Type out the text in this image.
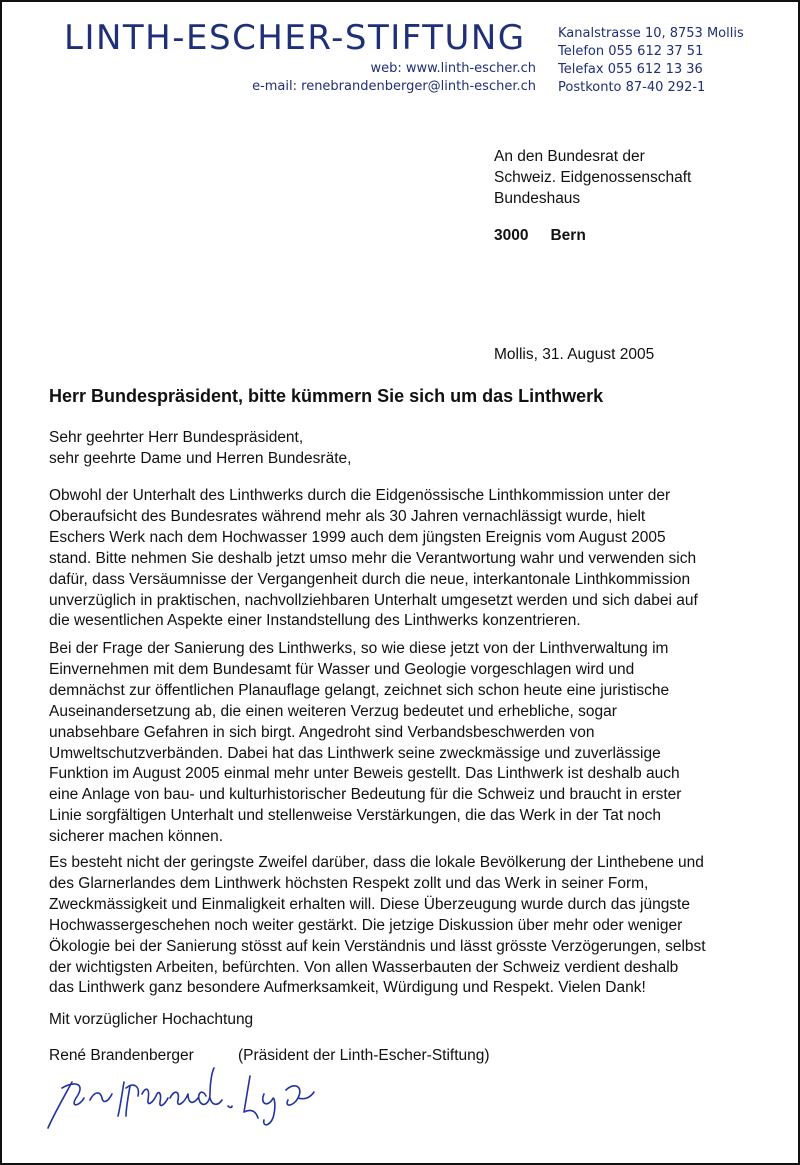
LINTH-ESCHER-STIFTUNG
web: www.linth-escher.ch
e-mail: renebrandenberger@linth-escher.ch
Kanalstrasse 10, 8753 Mollis
Telefon 055 612 37 51
Telefax 055 612 13 36
Postkonto 87-40 292-1
An den Bundesrat der
Schweiz. Eidgenossenschaft
Bundeshaus
3000 Bern
Mollis, 31. August 2005
Herr Bundespräsident, bitte kümmern Sie sich um das Linthwerk
Sehr geehrter Herr Bundespräsident,
sehr geehrte Dame und Herren Bundesräte,
Obwohl der Unterhalt des Linthwerks durch die Eidgenössische Linthkommission unter der
Oberaufsicht des Bundesrates während mehr als 30 Jahren vernachlässigt wurde, hielt
Eschers Werk nach dem Hochwasser 1999 auch dem jüngsten Ereignis vom August 2005
stand. Bitte nehmen Sie deshalb jetzt umso mehr die Verantwortung wahr und verwenden sich
dafür, dass Versäumnisse der Vergangenheit durch die neue, interkantonale Linthkommission
unverzüglich in praktischen, nachvollziehbaren Unterhalt umgesetzt werden und sich dabei auf
die wesentlichen Aspekte einer Instandstellung des Linthwerks konzentrieren.
Bei der Frage der Sanierung des Linthwerks, so wie diese jetzt von der Linthverwaltung im
Einvernehmen mit dem Bundesamt für Wasser und Geologie vorgeschlagen wird und
demnächst zur öffentlichen Planauflage gelangt, zeichnet sich schon heute eine juristische
Auseinandersetzung ab, die einen weiteren Verzug bedeutet und erhebliche, sogar
unabsehbare Gefahren in sich birgt. Angedroht sind Verbandsbeschwerden von
Umweltschutzverbänden. Dabei hat das Linthwerk seine zweckmässige und zuverlässige
Funktion im August 2005 einmal mehr unter Beweis gestellt. Das Linthwerk ist deshalb auch
eine Anlage von bau- und kulturhistorischer Bedeutung für die Schweiz und braucht in erster
Linie sorgfältigen Unterhalt und stellenweise Verstärkungen, die das Werk in der Tat noch
sicherer machen können.
Es besteht nicht der geringste Zweifel darüber, dass die lokale Bevölkerung der Linthebene und
des Glarnerlandes dem Linthwerk höchsten Respekt zollt und das Werk in seiner Form,
Zweckmässigkeit und Einmaligkeit erhalten will. Diese Überzeugung wurde durch das jüngste
Hochwassergeschehen noch weiter gestärkt. Die jetzige Diskussion über mehr oder weniger
Ökologie bei der Sanierung stösst auf kein Verständnis und lässt grösste Verzögerungen, selbst
der wichtigsten Arbeiten, befürchten. Von allen Wasserbauten der Schweiz verdient deshalb
das Linthwerk ganz besondere Aufmerksamkeit, Würdigung und Respekt. Vielen Dank!
Mit vorzüglicher Hochachtung
René Brandenberger	(Präsident der Linth-Escher-Stiftung)
